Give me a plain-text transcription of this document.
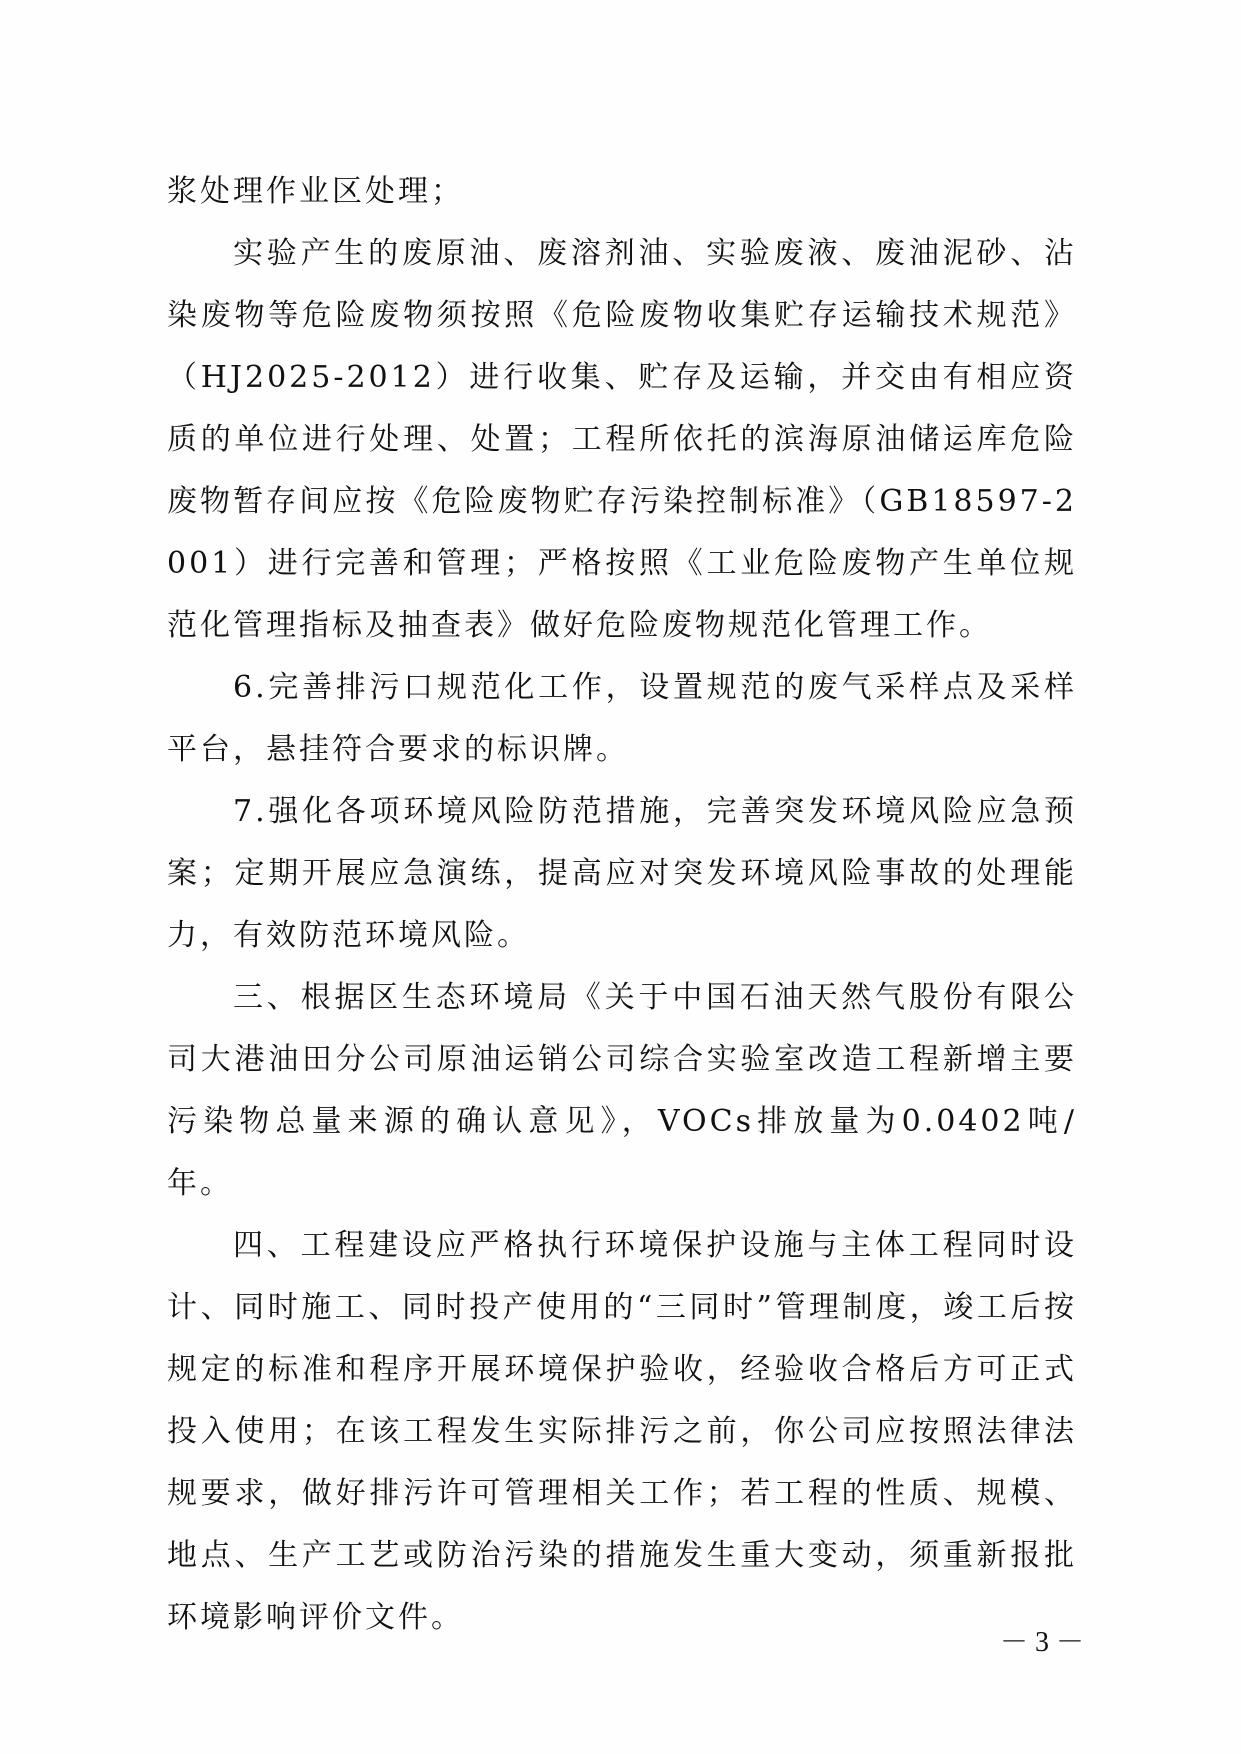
浆处理作业区处理；

实验产生的废原油、废溶剂油、实验废液、废油泥砂、沾染废物等危险废物须按照《危险废物收集贮存运输技术规范》（HJ2025-2012）进行收集、贮存及运输，并交由有相应资质的单位进行处理、处置；工程所依托的滨海原油储运库危险废物暂存间应按《危险废物贮存污染控制标准》（GB18597-2001）进行完善和管理；严格按照《工业危险废物产生单位规范化管理指标及抽查表》做好危险废物规范化管理工作。

6.完善排污口规范化工作，设置规范的废气采样点及采样平台，悬挂符合要求的标识牌。

7.强化各项环境风险防范措施，完善突发环境风险应急预案；定期开展应急演练，提高应对突发环境风险事故的处理能力，有效防范环境风险。

三、根据区生态环境局《关于中国石油天然气股份有限公司大港油田分公司原油运销公司综合实验室改造工程新增主要污染物总量来源的确认意见》，VOCs排放量为0.0402吨/年。

四、工程建设应严格执行环境保护设施与主体工程同时设计、同时施工、同时投产使用的“三同时”管理制度，竣工后按规定的标准和程序开展环境保护验收，经验收合格后方可正式投入使用；在该工程发生实际排污之前，你公司应按照法律法规要求，做好排污许可管理相关工作；若工程的性质、规模、地点、生产工艺或防治污染的措施发生重大变动，须重新报批环境影响评价文件。

－ 3 －
